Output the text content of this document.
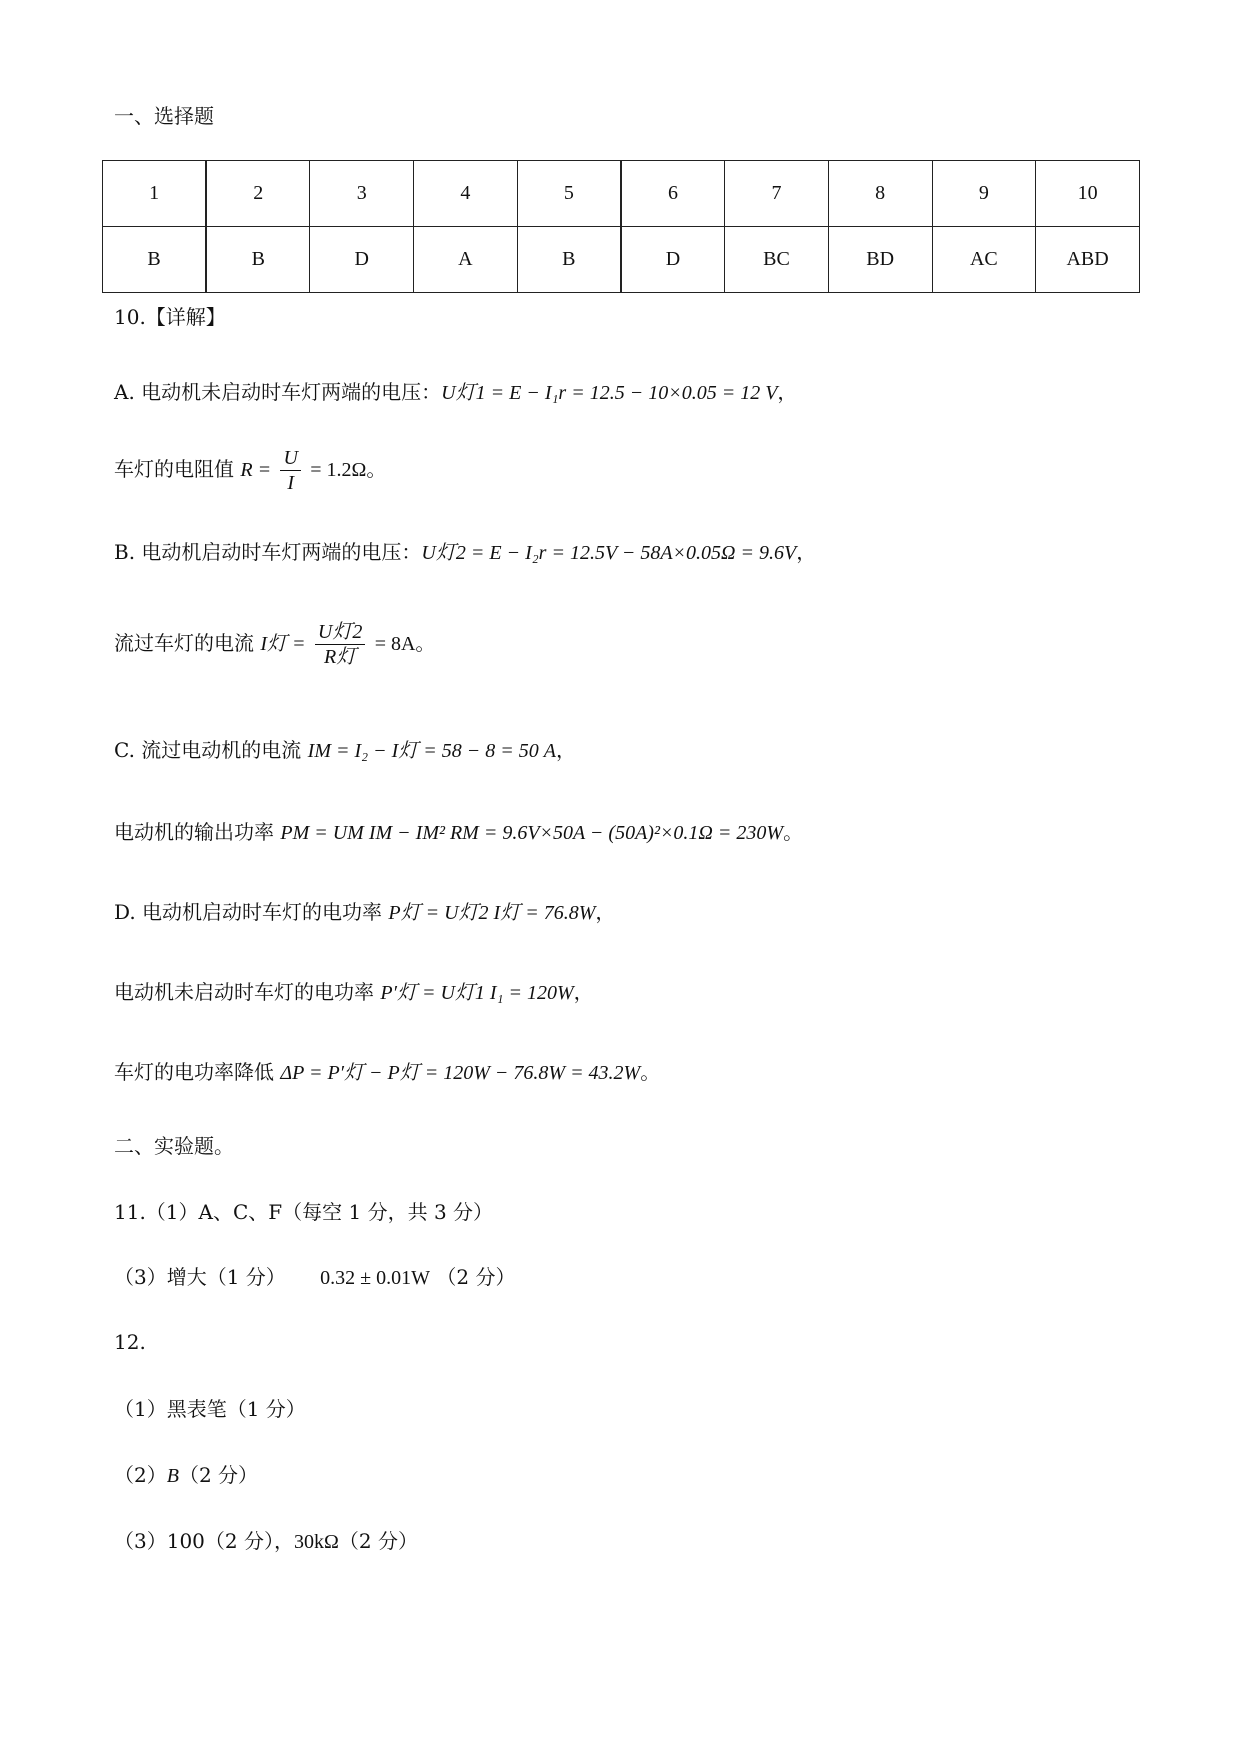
一、选择题
1	2	3	4	5	6	7	8	9	10
B	B	D	A	B	D	BC	BD	AC	ABD
10.【详解】
A. 电动机未启动时车灯两端的电压：U灯1 = E − I₁r = 12.5 − 10×0.05 = 12 V，
车灯的电阻值 $R = \frac{U}{I} = 1.2\Omega$。
B. 电动机启动时车灯两端的电压：U灯2 = E − I₂r = 12.5V − 58A×0.05Ω = 9.6V，
流过车灯的电流 I灯 = $\frac{\text{U灯2}}{\text{R灯}} = 8A$。
C. 流过电动机的电流 IM = I₂ − I灯 = 58 − 8 = 50 A，
电动机的输出功率 PM = UM IM − IM² RM = 9.6V×50A − (50A)²×0.1Ω = 230W。
D. 电动机启动时车灯的电功率 P灯 = U灯2 I灯 = 76.8W，
电动机未启动时车灯的电功率 P′灯 = U灯1 I₁ = 120W，
车灯的电功率降低 ΔP = P′灯 − P灯 = 120W − 76.8W = 43.2W。
二、实验题。
11.（1）A、C、F（每空 1 分，共 3 分）
（3）增大（1 分） 0.32 ± 0.01W （2 分）
12.
（1）黑表笔（1 分）
（2）B（2 分）
（3）100（2 分），30kΩ（2 分）
